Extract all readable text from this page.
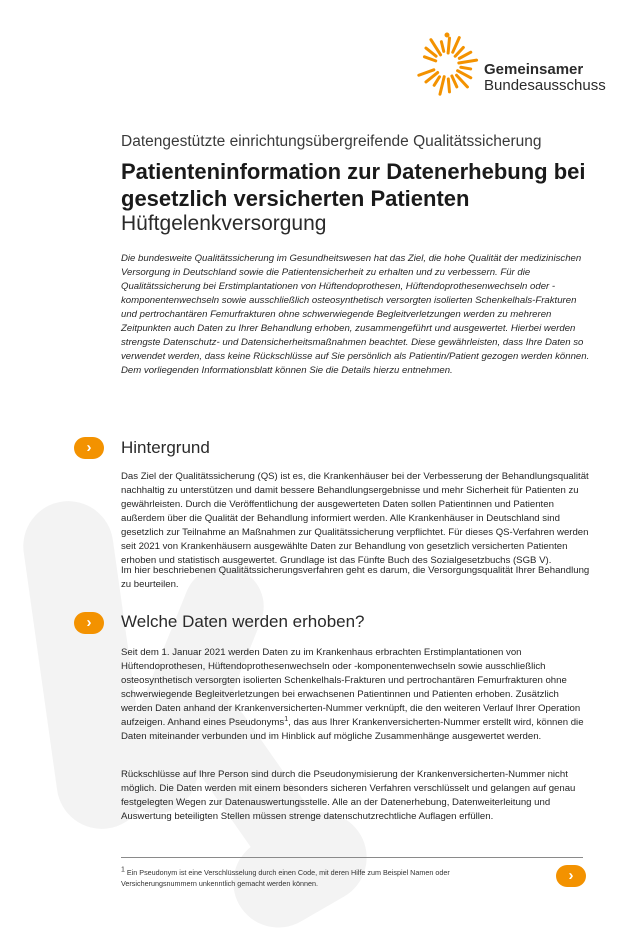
Gemeinsamer
Bundesausschuss
Datengestützte einrichtungsübergreifende Qualitätssicherung
Patienteninformation zur Datenerhebung bei gesetzlich versicherten Patienten
Hüftgelenkversorgung

Die bundesweite Qualitätssicherung im Gesundheitswesen hat das Ziel, die hohe Qualität der medizinischen Versorgung in Deutschland sowie die Patientensicherheit zu erhalten und zu verbessern. Für die Qualitätssicherung bei Erstimplantationen von Hüftendoprothesen, Hüftendoprothesenwechseln oder -komponentenwechseln sowie ausschließlich osteosynthetisch versorgten isolierten Schenkelhals-Frakturen und pertrochantären Femurfrakturen ohne schwerwiegende Begleitverletzungen werden zu mehreren Zeitpunkten auch Daten zu Ihrer Behandlung erhoben, zusammengeführt und ausgewertet. Hierbei werden strengste Datenschutz- und Datensicherheitsmaßnahmen beachtet. Diese gewährleisten, dass Ihre Daten so verwendet werden, dass keine Rückschlüsse auf Sie persönlich als Patientin/Patient gezogen werden können. Dem vorliegenden Informationsblatt können Sie die Details hierzu entnehmen.

› Hintergrund

Das Ziel der Qualitätssicherung (QS) ist es, die Krankenhäuser bei der Verbesserung der Behandlungsqualität nachhaltig zu unterstützen und damit bessere Behandlungsergebnisse und mehr Sicherheit für Patienten zu gewährleisten. Durch die Veröffentlichung der ausgewerteten Daten sollen Patientinnen und Patienten außerdem über die Qualität der Behandlung informiert werden. Alle Krankenhäuser in Deutschland sind gesetzlich zur Teilnahme an Maßnahmen zur Qualitätssicherung verpflichtet. Für dieses QS-Verfahren werden seit 2021 von Krankenhäusern ausgewählte Daten zur Behandlung von gesetzlich versicherten Patienten erhoben und statistisch ausgewertet. Grundlage ist das Fünfte Buch des Sozialgesetzbuchs (SGB V).

Im hier beschriebenen Qualitätssicherungsverfahren geht es darum, die Versorgungsqualität Ihrer Behandlung zu beurteilen.

› Welche Daten werden erhoben?

Seit dem 1. Januar 2021 werden Daten zu im Krankenhaus erbrachten Erstimplantationen von Hüftendoprothesen, Hüftendoprothesenwechseln oder -komponentenwechseln sowie ausschließlich osteosynthetisch versorgten isolierten Schenkelhals-Frakturen und pertrochantären Femurfrakturen ohne schwerwiegende Begleitverletzungen bei erwachsenen Patientinnen und Patienten erhoben. Zusätzlich werden Daten anhand der Krankenversicherten-Nummer verknüpft, die den weiteren Verlauf Ihrer Operation aufzeigen. Anhand eines Pseudonyms$^1$, das aus Ihrer Krankenversicherten-Nummer erstellt wird, können die Daten miteinander verbunden und im Hinblick auf mögliche Zusammenhänge ausgewertet werden.

Rückschlüsse auf Ihre Person sind durch die Pseudonymisierung der Krankenversicherten-Nummer nicht möglich. Die Daten werden mit einem besonders sicheren Verfahren verschlüsselt und gelangen auf genau festgelegten Wegen zur Datenauswertungsstelle. Alle an der Datenerhebung, Datenweiterleitung und Auswertung beteiligten Stellen müssen strenge datenschutzrechtliche Auflagen erfüllen.

$^1$ Ein Pseudonym ist eine Verschlüsselung durch einen Code, mit deren Hilfe zum Beispiel Namen oder Versicherungsnummern unkenntlich gemacht werden können.	›
